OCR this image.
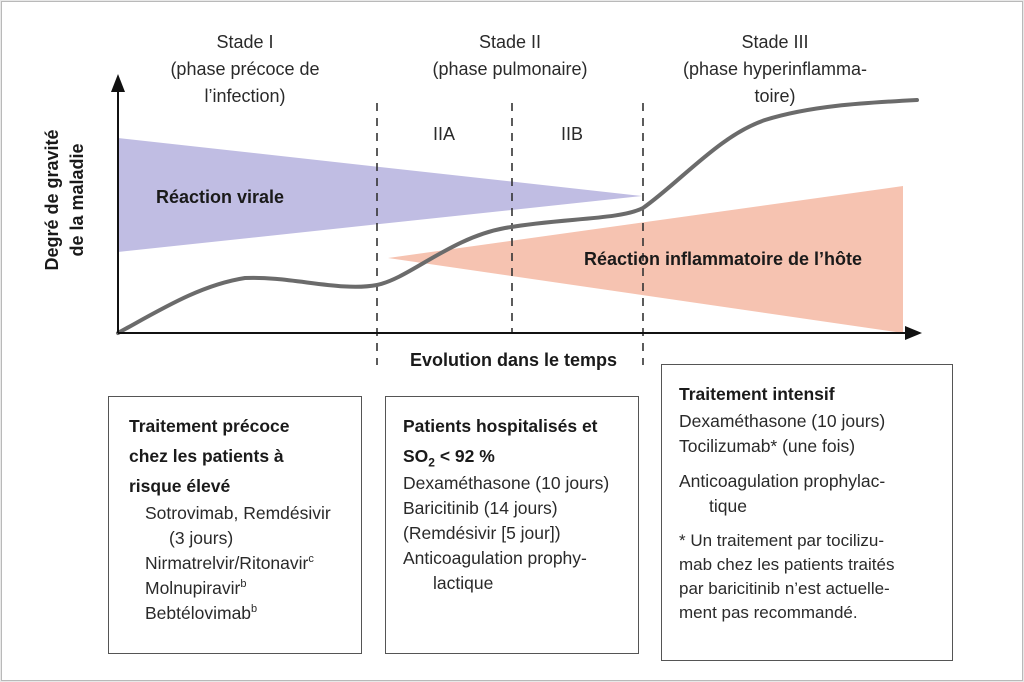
Stade I
(phase précoce de
l’infection)
Stade II
(phase pulmonaire)
Stade III
(phase hyperinflamma-
toire)
IIA	IIB
Degré de gravité de la maladie	Réaction virale
Réaction inflammatoire de l’hôte
Evolution dans le temps
Traitement précoce
chez les patients à
risque élevé
Sotrovimab, Remdésivir
(3 jours)
Nirmatrelvir/Ritonavir$^c$
Molnupiravir$^b$
Bebtélovimab$^b$
Patients hospitalisés et
$SO_2 < 92$ %
Dexaméthasone (10 jours)
Baricitinib (14 jours)
(Remdésivir [5 jour])
Anticoagulation prophy-
lactique
Traitement intensif
Dexaméthasone (10 jours)
Tocilizumab* (une fois)
Anticoagulation prophylac-
tique
* Un traitement par tocilizu-
mab chez les patients traités
par baricitinib n’est actuelle-
ment pas recommandé.
